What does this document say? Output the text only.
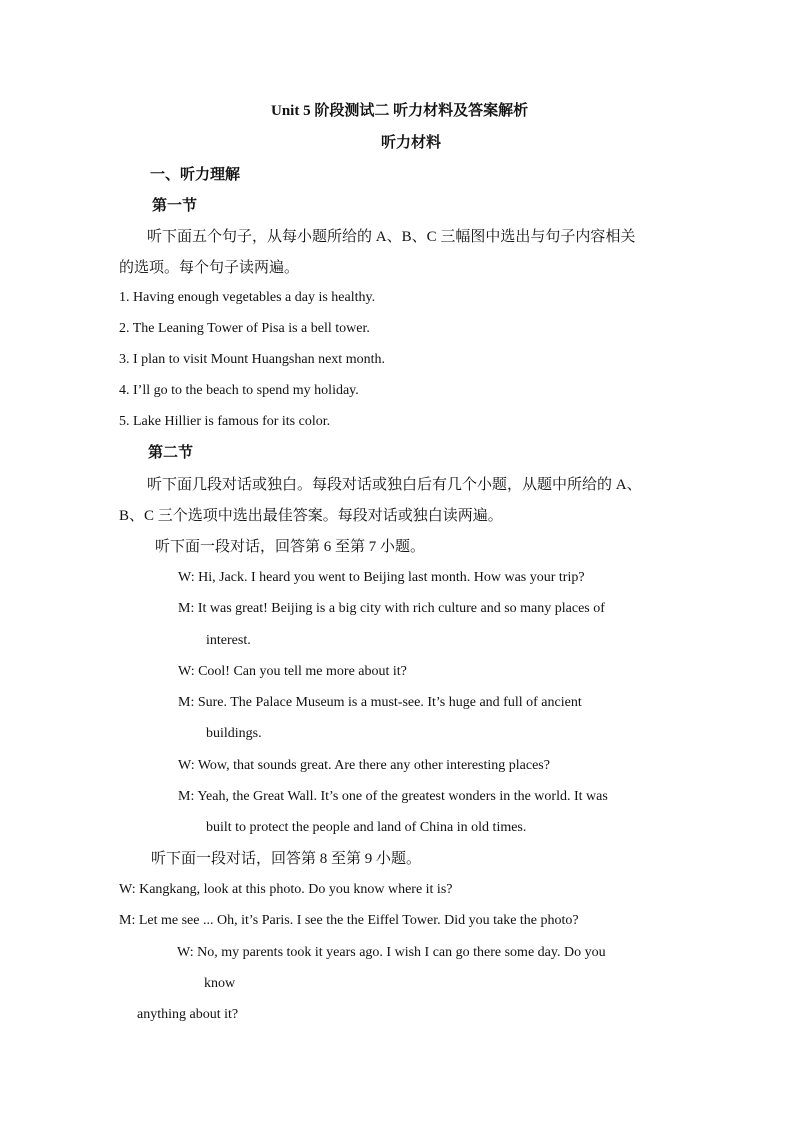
Unit 5 阶段测试二 听力材料及答案解析
听力材料
一、听力理解
第一节
听下面五个句子，从每小题所给的 A、B、C 三幅图中选出与句子内容相关
的选项。每个句子读两遍。
1. Having enough vegetables a day is healthy.
2. The Leaning Tower of Pisa is a bell tower.
3. I plan to visit Mount Huangshan next month.
4. I’ll go to the beach to spend my holiday.
5. Lake Hillier is famous for its color.
第二节
听下面几段对话或独白。每段对话或独白后有几个小题，从题中所给的 A、
B、C 三个选项中选出最佳答案。每段对话或独白读两遍。
听下面一段对话，回答第 6 至第 7 小题。
W: Hi, Jack. I heard you went to Beijing last month. How was your trip?
M: It was great! Beijing is a big city with rich culture and so many places of
interest.
W: Cool! Can you tell me more about it?
M: Sure. The Palace Museum is a must-see. It’s huge and full of ancient
buildings.
W: Wow, that sounds great. Are there any other interesting places?
M: Yeah, the Great Wall. It’s one of the greatest wonders in the world. It was
built to protect the people and land of China in old times.
听下面一段对话，回答第 8 至第 9 小题。
W: Kangkang, look at this photo. Do you know where it is?
M: Let me see ... Oh, it’s Paris. I see the the Eiffel Tower. Did you take the photo?
W: No, my parents took it years ago. I wish I can go there some day. Do you
know
anything about it?
